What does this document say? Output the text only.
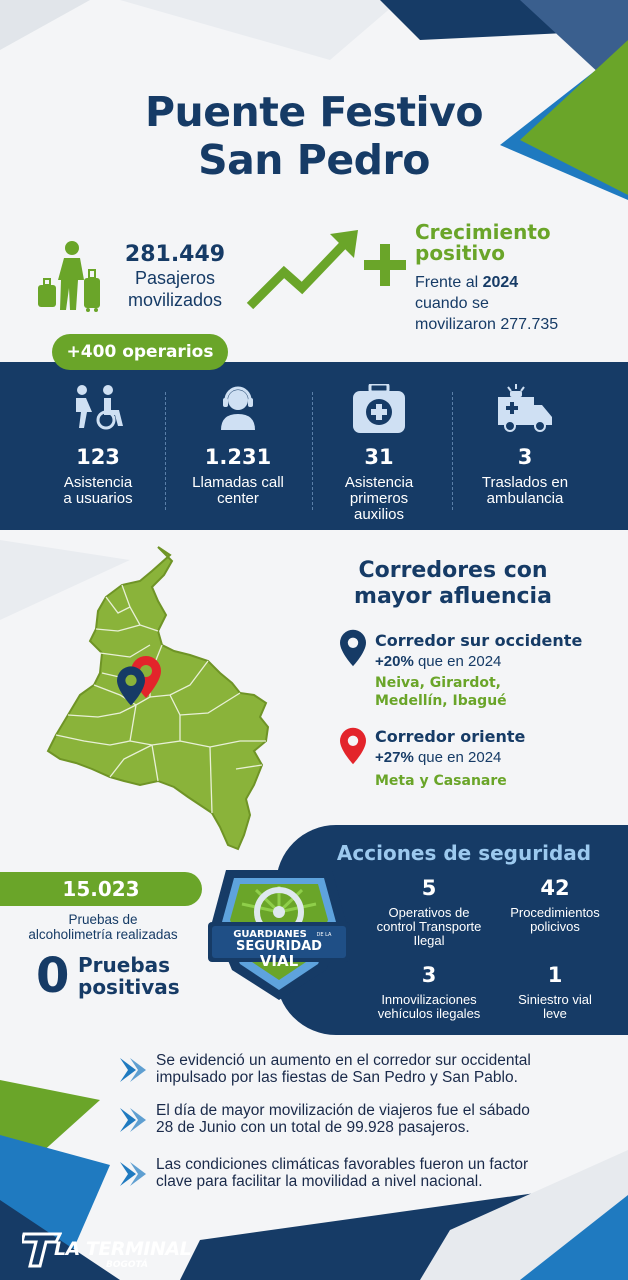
Puente Festivo
San Pedro
281.449
Pasajeros
movilizados
Crecimiento
positivo
Frente al 2024
cuando se
movilizaron 277.735
+400 operarios
123
Asistencia
a usuarios
1.231
Llamadas call
center
31
Asistencia
primeros
auxilios
3
Traslados en
ambulancia
Corredores con
mayor afluencia
Corredor sur occidente
+20% que en 2024
Neiva, Girardot,
Medellín, Ibagué
Corredor oriente
+27% que en 2024
Meta y Casanare
Acciones de seguridad
5
Operativos de
control Transporte
Ilegal
42
Procedimientos
policivos
3
Inmovilizaciones
vehículos ilegales
1
Siniestro vial
leve
15.023
Pruebas de
alcoholimetría realizadas
0 Pruebas
positivas
GUARDIANES DE LA
SEGURIDAD
VIAL
Se evidenció un aumento en el corredor sur occidental
impulsado por las fiestas de San Pedro y San Pablo.
El día de mayor movilización de viajeros fue el sábado
28 de Junio con un total de 99.928 pasajeros.
Las condiciones climáticas favorables fueron un factor
clave para facilitar la movilidad a nivel nacional.
LA TERMINAL
BOGOTÁ
